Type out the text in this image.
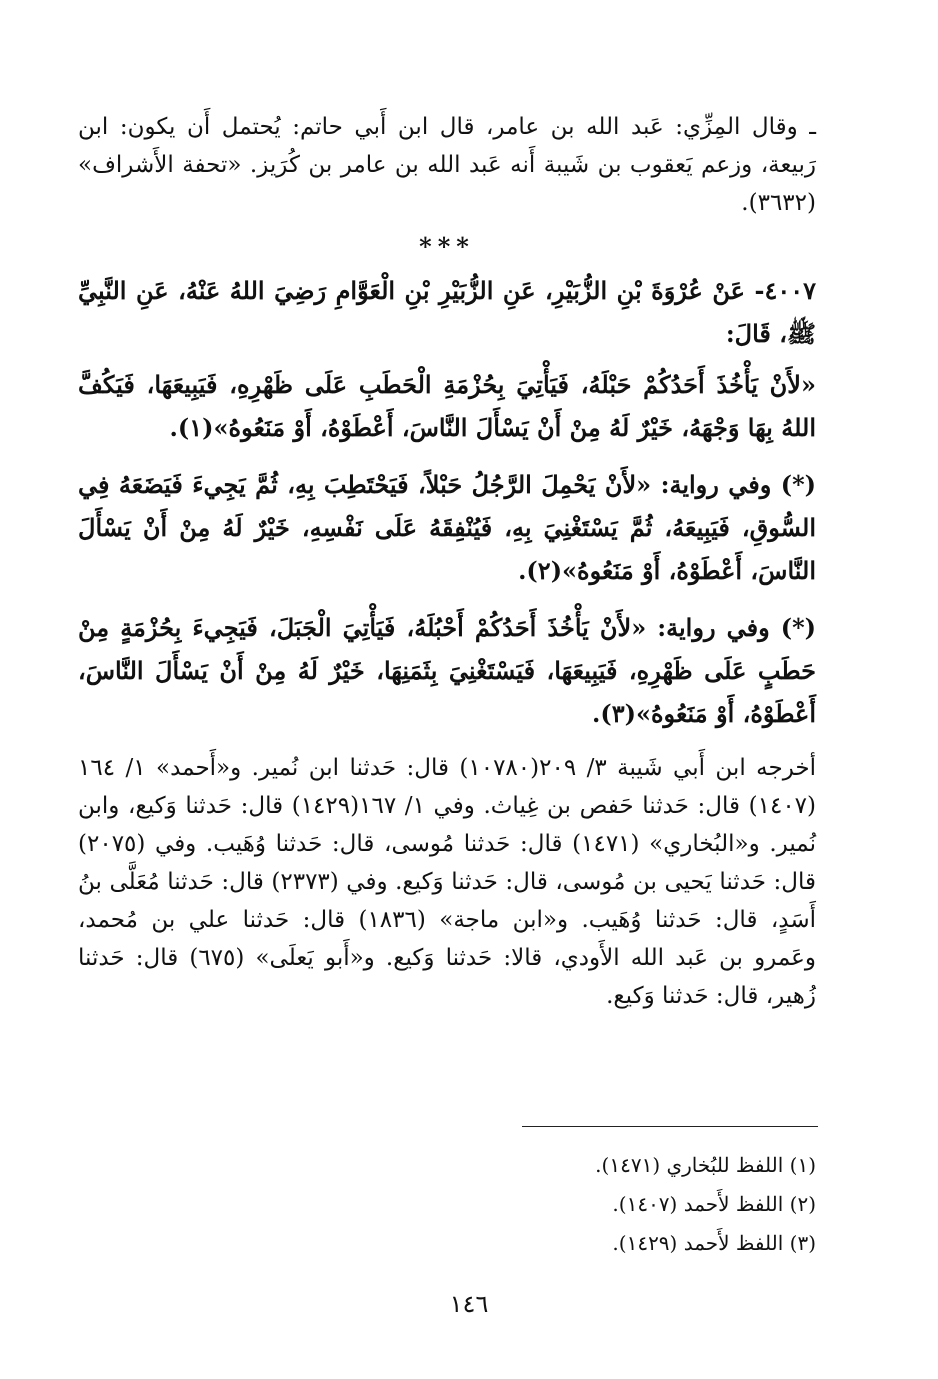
ـ وقال المِزِّي: عَبد الله بن عامر، قال ابن أَبي حاتم: يُحتمل أَن يكون: ابن رَبيعة، وزعم يَعقوب بن شَيبة أَنه عَبد الله بن عامر بن كُرَيز. «تحفة الأَشراف» (٣٦٣٢).

***

٤٠٠٧- عَنْ عُرْوَةَ بْنِ الزُّبَيْرِ، عَنِ الزُّبَيْرِ بْنِ الْعَوَّامِ رَضِيَ اللهُ عَنْهُ، عَنِ النَّبِيِّ ﷺ، قَالَ:

«لأَنْ يَأْخُذَ أَحَدُكُمْ حَبْلَهُ، فَيَأْتِيَ بِحُزْمَةِ الْحَطَبِ عَلَى ظَهْرِهِ، فَيَبِيعَهَا، فَيَكُفَّ اللهُ بِهَا وَجْهَهُ، خَيْرٌ لَهُ مِنْ أَنْ يَسْأَلَ النَّاسَ، أَعْطَوْهُ، أَوْ مَنَعُوهُ»(١).

(*) وفي رواية: «لأَنْ يَحْمِلَ الرَّجُلُ حَبْلاً، فَيَحْتَطِبَ بِهِ، ثُمَّ يَجِيءَ فَيَضَعَهُ فِي السُّوقِ، فَيَبِيعَهُ، ثُمَّ يَسْتَغْنِيَ بِهِ، فَيُنْفِقَهُ عَلَى نَفْسِهِ، خَيْرٌ لَهُ مِنْ أَنْ يَسْأَلَ النَّاسَ، أَعْطَوْهُ، أَوْ مَنَعُوهُ»(٢).

(*) وفي رواية: «لأَنْ يَأْخُذَ أَحَدُكُمْ أَحْبُلَهُ، فَيَأْتِيَ الْجَبَلَ، فَيَجِيءَ بِحُزْمَةٍ مِنْ حَطَبٍ عَلَى ظَهْرِهِ، فَيَبِيعَهَا، فَيَسْتَغْنِيَ بِثَمَنِهَا، خَيْرٌ لَهُ مِنْ أَنْ يَسْأَلَ النَّاسَ، أَعْطَوْهُ، أَوْ مَنَعُوهُ»(٣).

أخرجه ابن أَبي شَيبة ٣/ ٢٠٩(١٠٧٨٠) قال: حَدثنا ابن نُمير. و«أَحمد» ١/ ١٦٤ (١٤٠٧) قال: حَدثنا حَفص بن غِياث. وفي ١/ ١٦٧(١٤٢٩) قال: حَدثنا وَكيع، وابن نُمير. و«البُخاري» (١٤٧١) قال: حَدثنا مُوسى، قال: حَدثنا وُهَيب. وفي (٢٠٧٥) قال: حَدثنا يَحيى بن مُوسى، قال: حَدثنا وَكيع. وفي (٢٣٧٣) قال: حَدثنا مُعَلَّى بنُ أَسَدٍ، قال: حَدثنا وُهَيب. و«ابن ماجة» (١٨٣٦) قال: حَدثنا علي بن مُحمد، وعَمرو بن عَبد الله الأَودي، قالا: حَدثنا وَكيع. و«أَبو يَعلَى» (٦٧٥) قال: حَدثنا زُهير، قال: حَدثنا وَكيع.

(١) اللفظ للبُخاري (١٤٧١).

(٢) اللفظ لأَحمد (١٤٠٧).

(٣) اللفظ لأَحمد (١٤٢٩).

١٤٦
